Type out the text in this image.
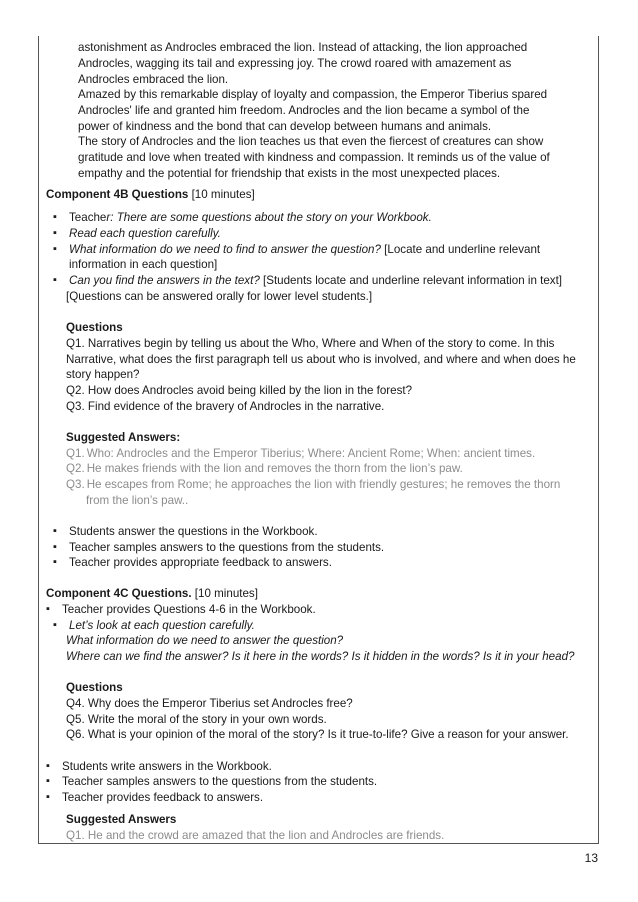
astonishment as Androcles embraced the lion. Instead of attacking, the lion approached
Androcles, wagging its tail and expressing joy. The crowd roared with amazement as
Androcles embraced the lion.
Amazed by this remarkable display of loyalty and compassion, the Emperor Tiberius spared
Androcles' life and granted him freedom. Androcles and the lion became a symbol of the
power of kindness and the bond that can develop between humans and animals.
The story of Androcles and the lion teaches us that even the fiercest of creatures can show
gratitude and love when treated with kindness and compassion. It reminds us of the value of
empathy and the potential for friendship that exists in the most unexpected places.
Component 4B Questions [10 minutes]
▪ Teacher: There are some questions about the story on your Workbook.
▪ Read each question carefully.
▪ What information do we need to find to answer the question? [Locate and underline relevant
information in each question]
▪ Can you find the answers in the text? [Students locate and underline relevant information in text]
[Questions can be answered orally for lower level students.]
Questions
Q1. Narratives begin by telling us about the Who, Where and When of the story to come. In this
Narrative, what does the first paragraph tell us about who is involved, and where and when does he
story happen?
Q2. How does Androcles avoid being killed by the lion in the forest?
Q3. Find evidence of the bravery of Androcles in the narrative.
Suggested Answers:
Q1. Who: Androcles and the Emperor Tiberius; Where: Ancient Rome; When: ancient times.
Q2. He makes friends with the lion and removes the thorn from the lion’s paw.
Q3. He escapes from Rome; he approaches the lion with friendly gestures; he removes the thorn
from the lion’s paw..
▪ Students answer the questions in the Workbook.
▪ Teacher samples answers to the questions from the students.
▪ Teacher provides appropriate feedback to answers.
Component 4C Questions. [10 minutes]
▪ Teacher provides Questions 4-6 in the Workbook.
▪ Let’s look at each question carefully.
What information do we need to answer the question?
Where can we find the answer? Is it here in the words? Is it hidden in the words? Is it in your head?
Questions
Q4. Why does the Emperor Tiberius set Androcles free?
Q5. Write the moral of the story in your own words.
Q6. What is your opinion of the moral of the story? Is it true-to-life? Give a reason for your answer.
▪ Students write answers in the Workbook.
▪ Teacher samples answers to the questions from the students.
▪ Teacher provides feedback to answers.
Suggested Answers
Q1. He and the crowd are amazed that the lion and Androcles are friends.
13
